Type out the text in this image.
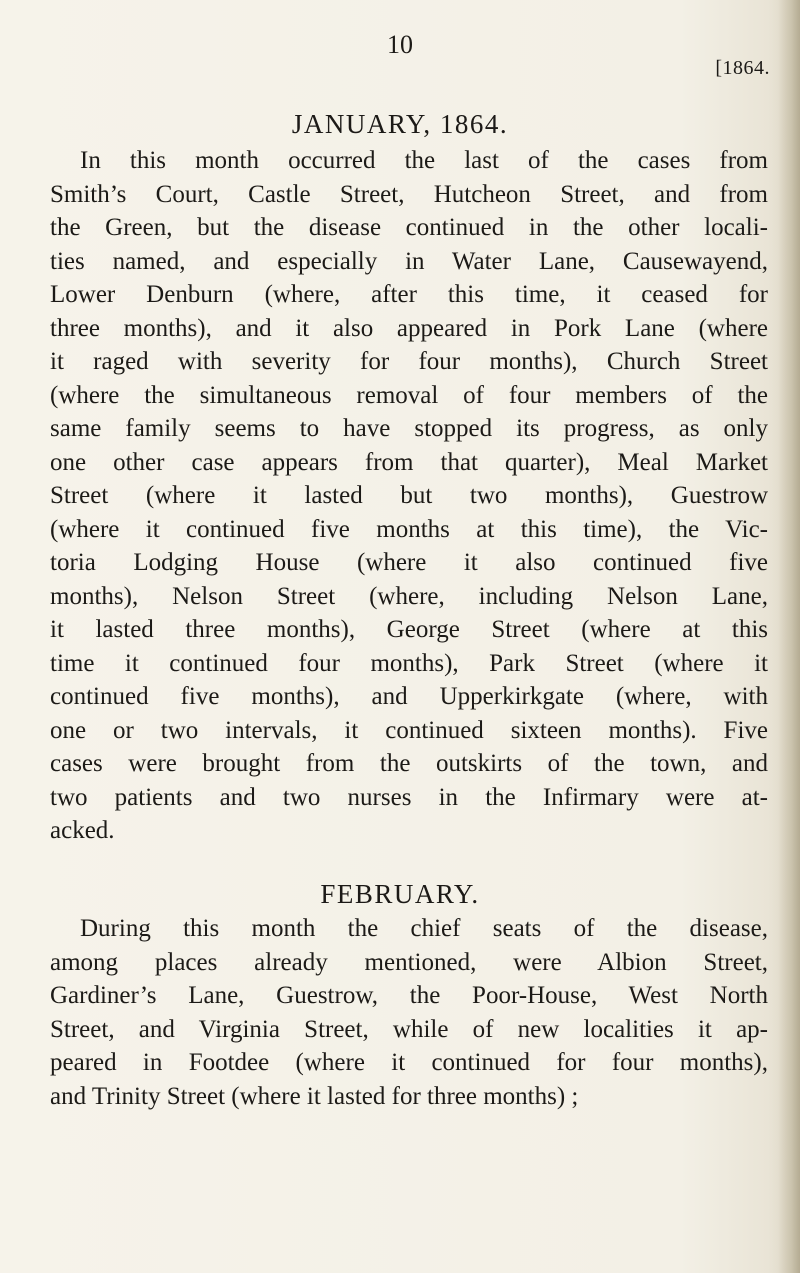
10
[1864.
JANUARY, 1864.
In this month occurred the last of the cases from
Smith’s Court, Castle Street, Hutcheon Street, and from
the Green, but the disease continued in the other locali-
ties named, and especially in Water Lane, Causewayend,
Lower Denburn (where, after this time, it ceased for
three months), and it also appeared in Pork Lane (where
it raged with severity for four months), Church Street
(where the simultaneous removal of four members of the
same family seems to have stopped its progress, as only
one other case appears from that quarter), Meal Market
Street (where it lasted but two months), Guestrow
(where it continued five months at this time), the Vic-
toria Lodging House (where it also continued five
months), Nelson Street (where, including Nelson Lane,
it lasted three months), George Street (where at this
time it continued four months), Park Street (where it
continued five months), and Upperkirkgate (where, with
one or two intervals, it continued sixteen months). Five
cases were brought from the outskirts of the town, and
two patients and two nurses in the Infirmary were at-
acked.
FEBRUARY.
During this month the chief seats of the disease,
among places already mentioned, were Albion Street,
Gardiner’s Lane, Guestrow, the Poor-House, West North
Street, and Virginia Street, while of new localities it ap-
peared in Footdee (where it continued for four months),
and Trinity Street (where it lasted for three months) ;
